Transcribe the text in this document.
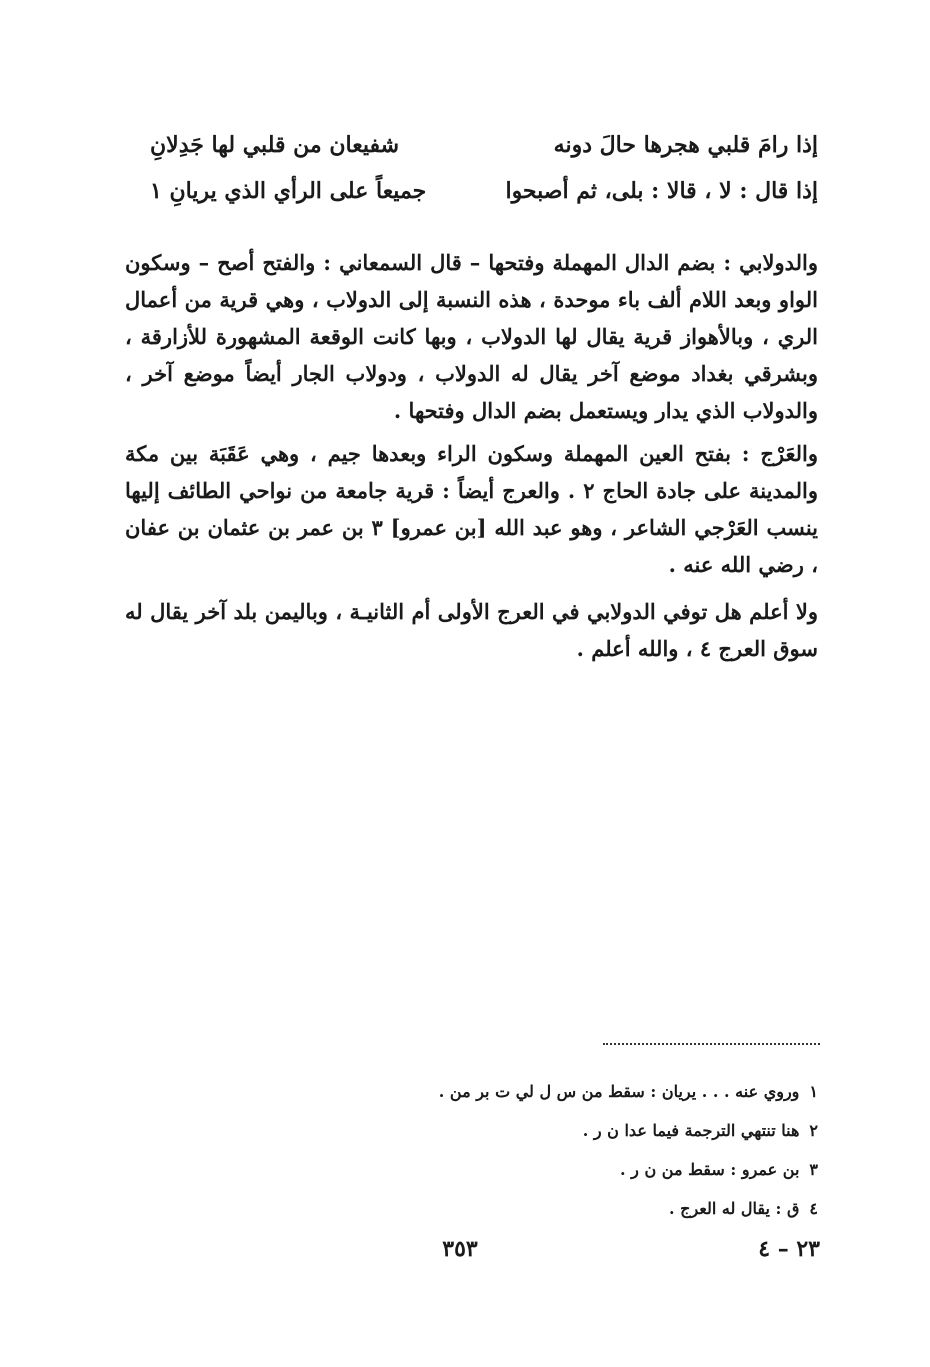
إذا رامَ قلبي هجرها حالَ دونه
شفيعان من قلبي لها جَدِلانِ
إذا قال : لا ، قالا : بلى، ثم أصبحوا
جميعاً على الرأي الذي يريانِ ١

والدولابي : بضم الدال المهملة وفتحها – قال السمعاني : والفتح أصح – وسكون الواو وبعد اللام ألف باء موحدة ، هذه النسبة إلى الدولاب ، وهي قرية من أعمال الري ، وبالأهواز قرية يقال لها الدولاب ، وبها كانت الوقعة المشهورة للأزارقة ، وبشرقي بغداد موضع آخر يقال له الدولاب ، ودولاب الجار أيضاً موضع آخر ، والدولاب الذي يدار ويستعمل بضم الدال وفتحها .

والعَرْج : بفتح العين المهملة وسكون الراء وبعدها جيم ، وهي عَقَبَة بين مكة والمدينة على جادة الحاج ٢ . والعرج أيضاً : قرية جامعة من نواحي الطائف إليها ينسب العَرْجي الشاعر ، وهو عبد الله [بن عمرو] ٣ بن عمر بن عثمان بن عفان ، رضي الله عنه .

ولا أعلم هل توفي الدولابي في العرج الأولى أم الثانيـة ، وباليمن بلد آخر يقال له سوق العرج ٤ ، والله أعلم .

١وروي عنه . . . يريان : سقط من س ل لي ت بر من .
٢هنا تنتهي الترجمة فيما عدا ن ر .
٣بن عمرو : سقط من ن ر .
٤ق : يقال له العرج .
٣٥٣	٢٣ – ٤
